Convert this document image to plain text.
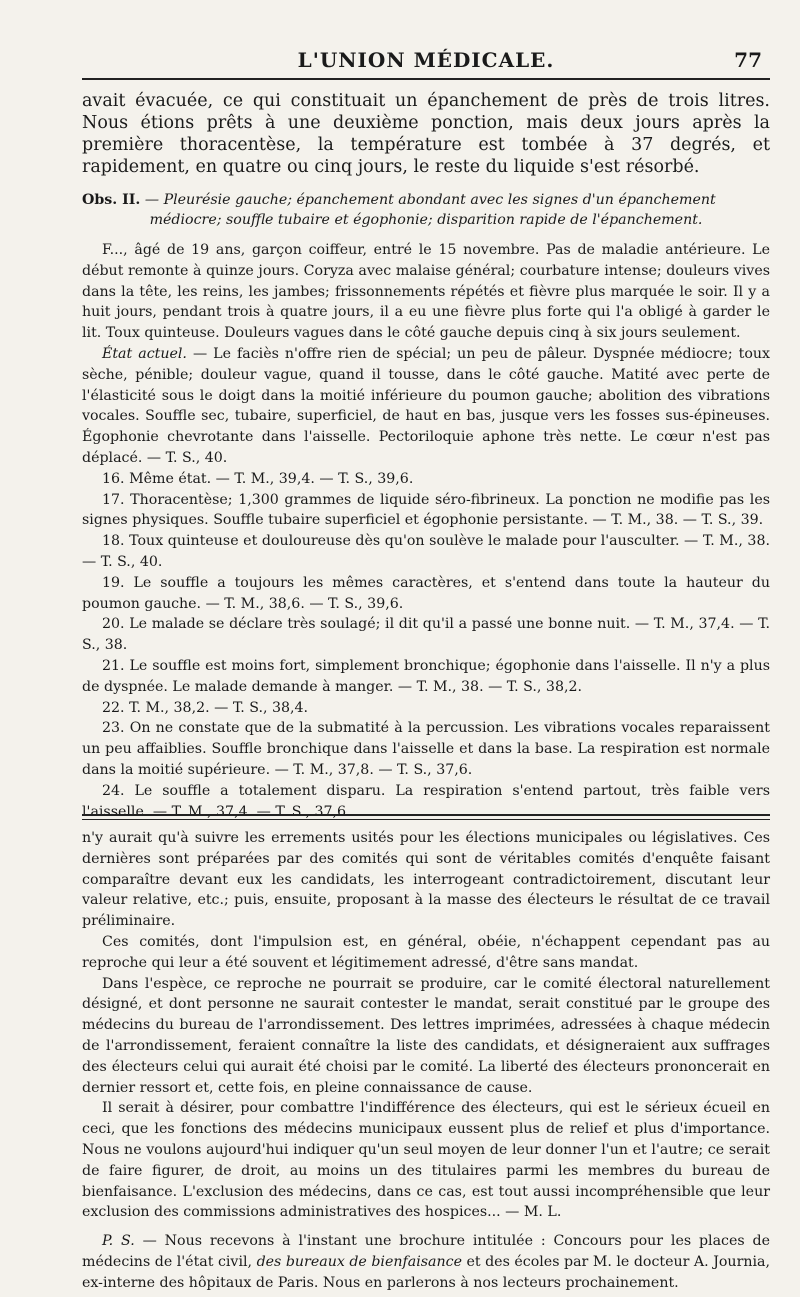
L'UNION MÉDICALE.	77

avait évacuée, ce qui constituait un épanchement de près de trois litres. Nous étions prêts à une deuxième ponction, mais deux jours après la première thoracentèse, la température est tombée à 37 degrés, et rapidement, en quatre ou cinq jours, le reste du liquide s'est résorbé.

Obs. II. — Pleurésie gauche; épanchement abondant avec les signes d'un épanchement
médiocre; souffle tubaire et égophonie; disparition rapide de l'épanchement.

F..., âgé de 19 ans, garçon coiffeur, entré le 15 novembre. Pas de maladie antérieure. Le début remonte à quinze jours. Coryza avec malaise général; courbature intense; douleurs vives dans la tête, les reins, les jambes; frissonnements répétés et fièvre plus marquée le soir. Il y a huit jours, pendant trois à quatre jours, il a eu une fièvre plus forte qui l'a obligé à garder le lit. Toux quinteuse. Douleurs vagues dans le côté gauche depuis cinq à six jours seulement.

État actuel. — Le faciès n'offre rien de spécial; un peu de pâleur. Dyspnée médiocre; toux sèche, pénible; douleur vague, quand il tousse, dans le côté gauche. Matité avec perte de l'élasticité sous le doigt dans la moitié inférieure du poumon gauche; abolition des vibrations vocales. Souffle sec, tubaire, superficiel, de haut en bas, jusque vers les fosses sus-épineuses. Égophonie chevrotante dans l'aisselle. Pectoriloquie aphone très nette. Le cœur n'est pas déplacé. — T. S., 40.

16. Même état. — T. M., 39,4. — T. S., 39,6.

17. Thoracentèse; 1,300 grammes de liquide séro-fibrineux. La ponction ne modifie pas les signes physiques. Souffle tubaire superficiel et égophonie persistante. — T. M., 38. — T. S., 39.

18. Toux quinteuse et douloureuse dès qu'on soulève le malade pour l'ausculter. — T. M., 38. — T. S., 40.

19. Le souffle a toujours les mêmes caractères, et s'entend dans toute la hauteur du poumon gauche. — T. M., 38,6. — T. S., 39,6.

20. Le malade se déclare très soulagé; il dit qu'il a passé une bonne nuit. — T. M., 37,4. — T. S., 38.

21. Le souffle est moins fort, simplement bronchique; égophonie dans l'aisselle. Il n'y a plus de dyspnée. Le malade demande à manger. — T. M., 38. — T. S., 38,2.

22. T. M., 38,2. — T. S., 38,4.

23. On ne constate que de la submatité à la percussion. Les vibrations vocales reparaissent un peu affaiblies. Souffle bronchique dans l'aisselle et dans la base. La respiration est normale dans la moitié supérieure. — T. M., 37,8. — T. S., 37,6.

24. Le souffle a totalement disparu. La respiration s'entend partout, très faible vers l'aisselle. — T. M., 37,4. — T. S., 37,6.

n'y aurait qu'à suivre les errements usités pour les élections municipales ou législatives. Ces dernières sont préparées par des comités qui sont de véritables comités d'enquête faisant comparaître devant eux les candidats, les interrogeant contradictoirement, discutant leur valeur relative, etc.; puis, ensuite, proposant à la masse des électeurs le résultat de ce travail préliminaire.

Ces comités, dont l'impulsion est, en général, obéie, n'échappent cependant pas au reproche qui leur a été souvent et légitimement adressé, d'être sans mandat.

Dans l'espèce, ce reproche ne pourrait se produire, car le comité électoral naturellement désigné, et dont personne ne saurait contester le mandat, serait constitué par le groupe des médecins du bureau de l'arrondissement. Des lettres imprimées, adressées à chaque médecin de l'arrondissement, feraient connaître la liste des candidats, et désigneraient aux suffrages des électeurs celui qui aurait été choisi par le comité. La liberté des électeurs prononcerait en dernier ressort et, cette fois, en pleine connaissance de cause.

Il serait à désirer, pour combattre l'indifférence des électeurs, qui est le sérieux écueil en ceci, que les fonctions des médecins municipaux eussent plus de relief et plus d'importance. Nous ne voulons aujourd'hui indiquer qu'un seul moyen de leur donner l'un et l'autre; ce serait de faire figurer, de droit, au moins un des titulaires parmi les membres du bureau de bienfaisance. L'exclusion des médecins, dans ce cas, est tout aussi incompréhensible que leur exclusion des commissions administratives des hospices... — M. L.

P. S. — Nous recevons à l'instant une brochure intitulée : Concours pour les places de médecins de l'état civil, des bureaux de bienfaisance et des écoles par M. le docteur A. Journia, ex-interne des hôpitaux de Paris. Nous en parlerons à nos lecteurs prochainement.
